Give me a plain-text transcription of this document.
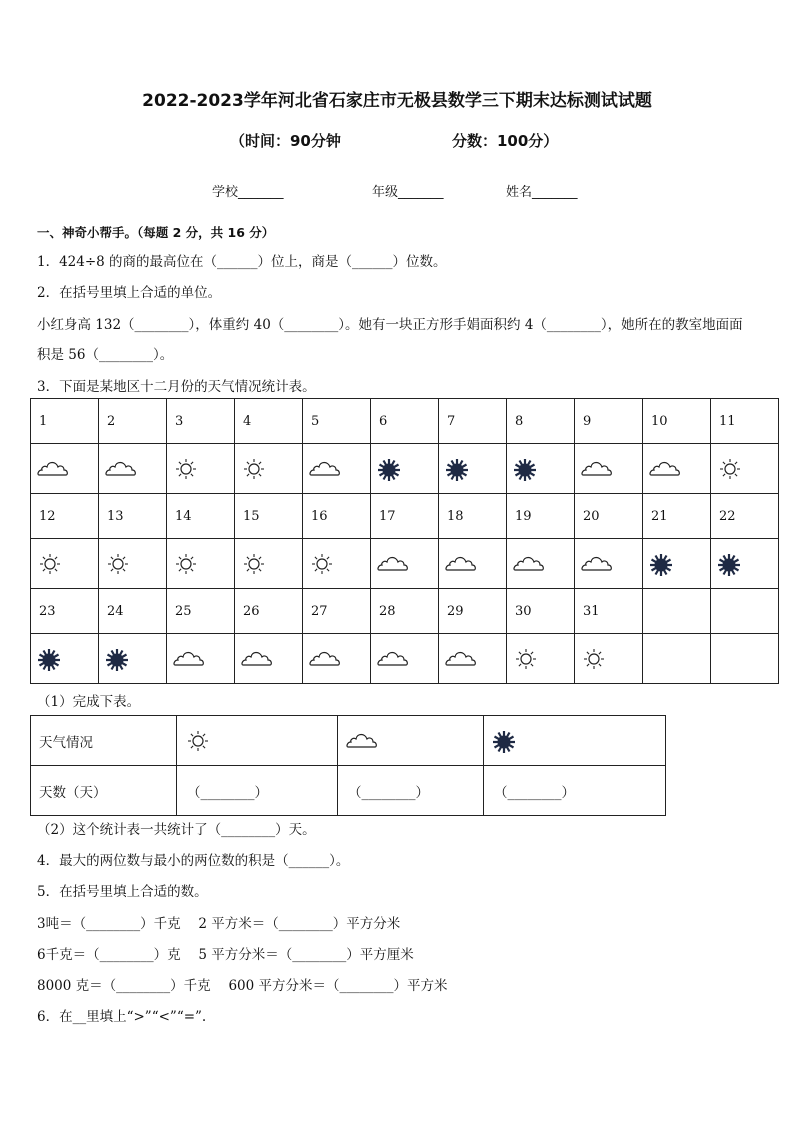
2022-2023学年河北省石家庄市无极县数学三下期末达标测试试题
（时间：90分钟	分数：100分）
学校_______	年级_______	姓名_______
一、神奇小帮手。（每题 2 分，共 16 分）
1．424÷8 的商的最高位在（______）位上，商是（______）位数。
2．在括号里填上合适的单位。
小红身高 132（________），体重约 40（________）。她有一块正方形手娟面积约 4（________），她所在的教室地面面
积是 56（________）。
3．下面是某地区十二月份的天气情况统计表。
1	2	3	4	5	6	7	8	9	10	11

12	13	14	15	16	17	18	19	20	21	22

23	24	25	26	27	28	29	30	31		

（1）完成下表。
天气情况	

天数（天）	（________）	（________）	（________）
（2）这个统计表一共统计了（________）天。
4．最大的两位数与最小的两位数的积是（______）。
5．在括号里填上合适的数。
3吨＝（________）千克　 2 平方米＝（________）平方分米
6千克＝（________）克　 5 平方分米＝（________）平方厘米
8000 克＝（________）千克　 600 平方分米＝（________）平方米
6．在__里填上“>”“<”“=”.
